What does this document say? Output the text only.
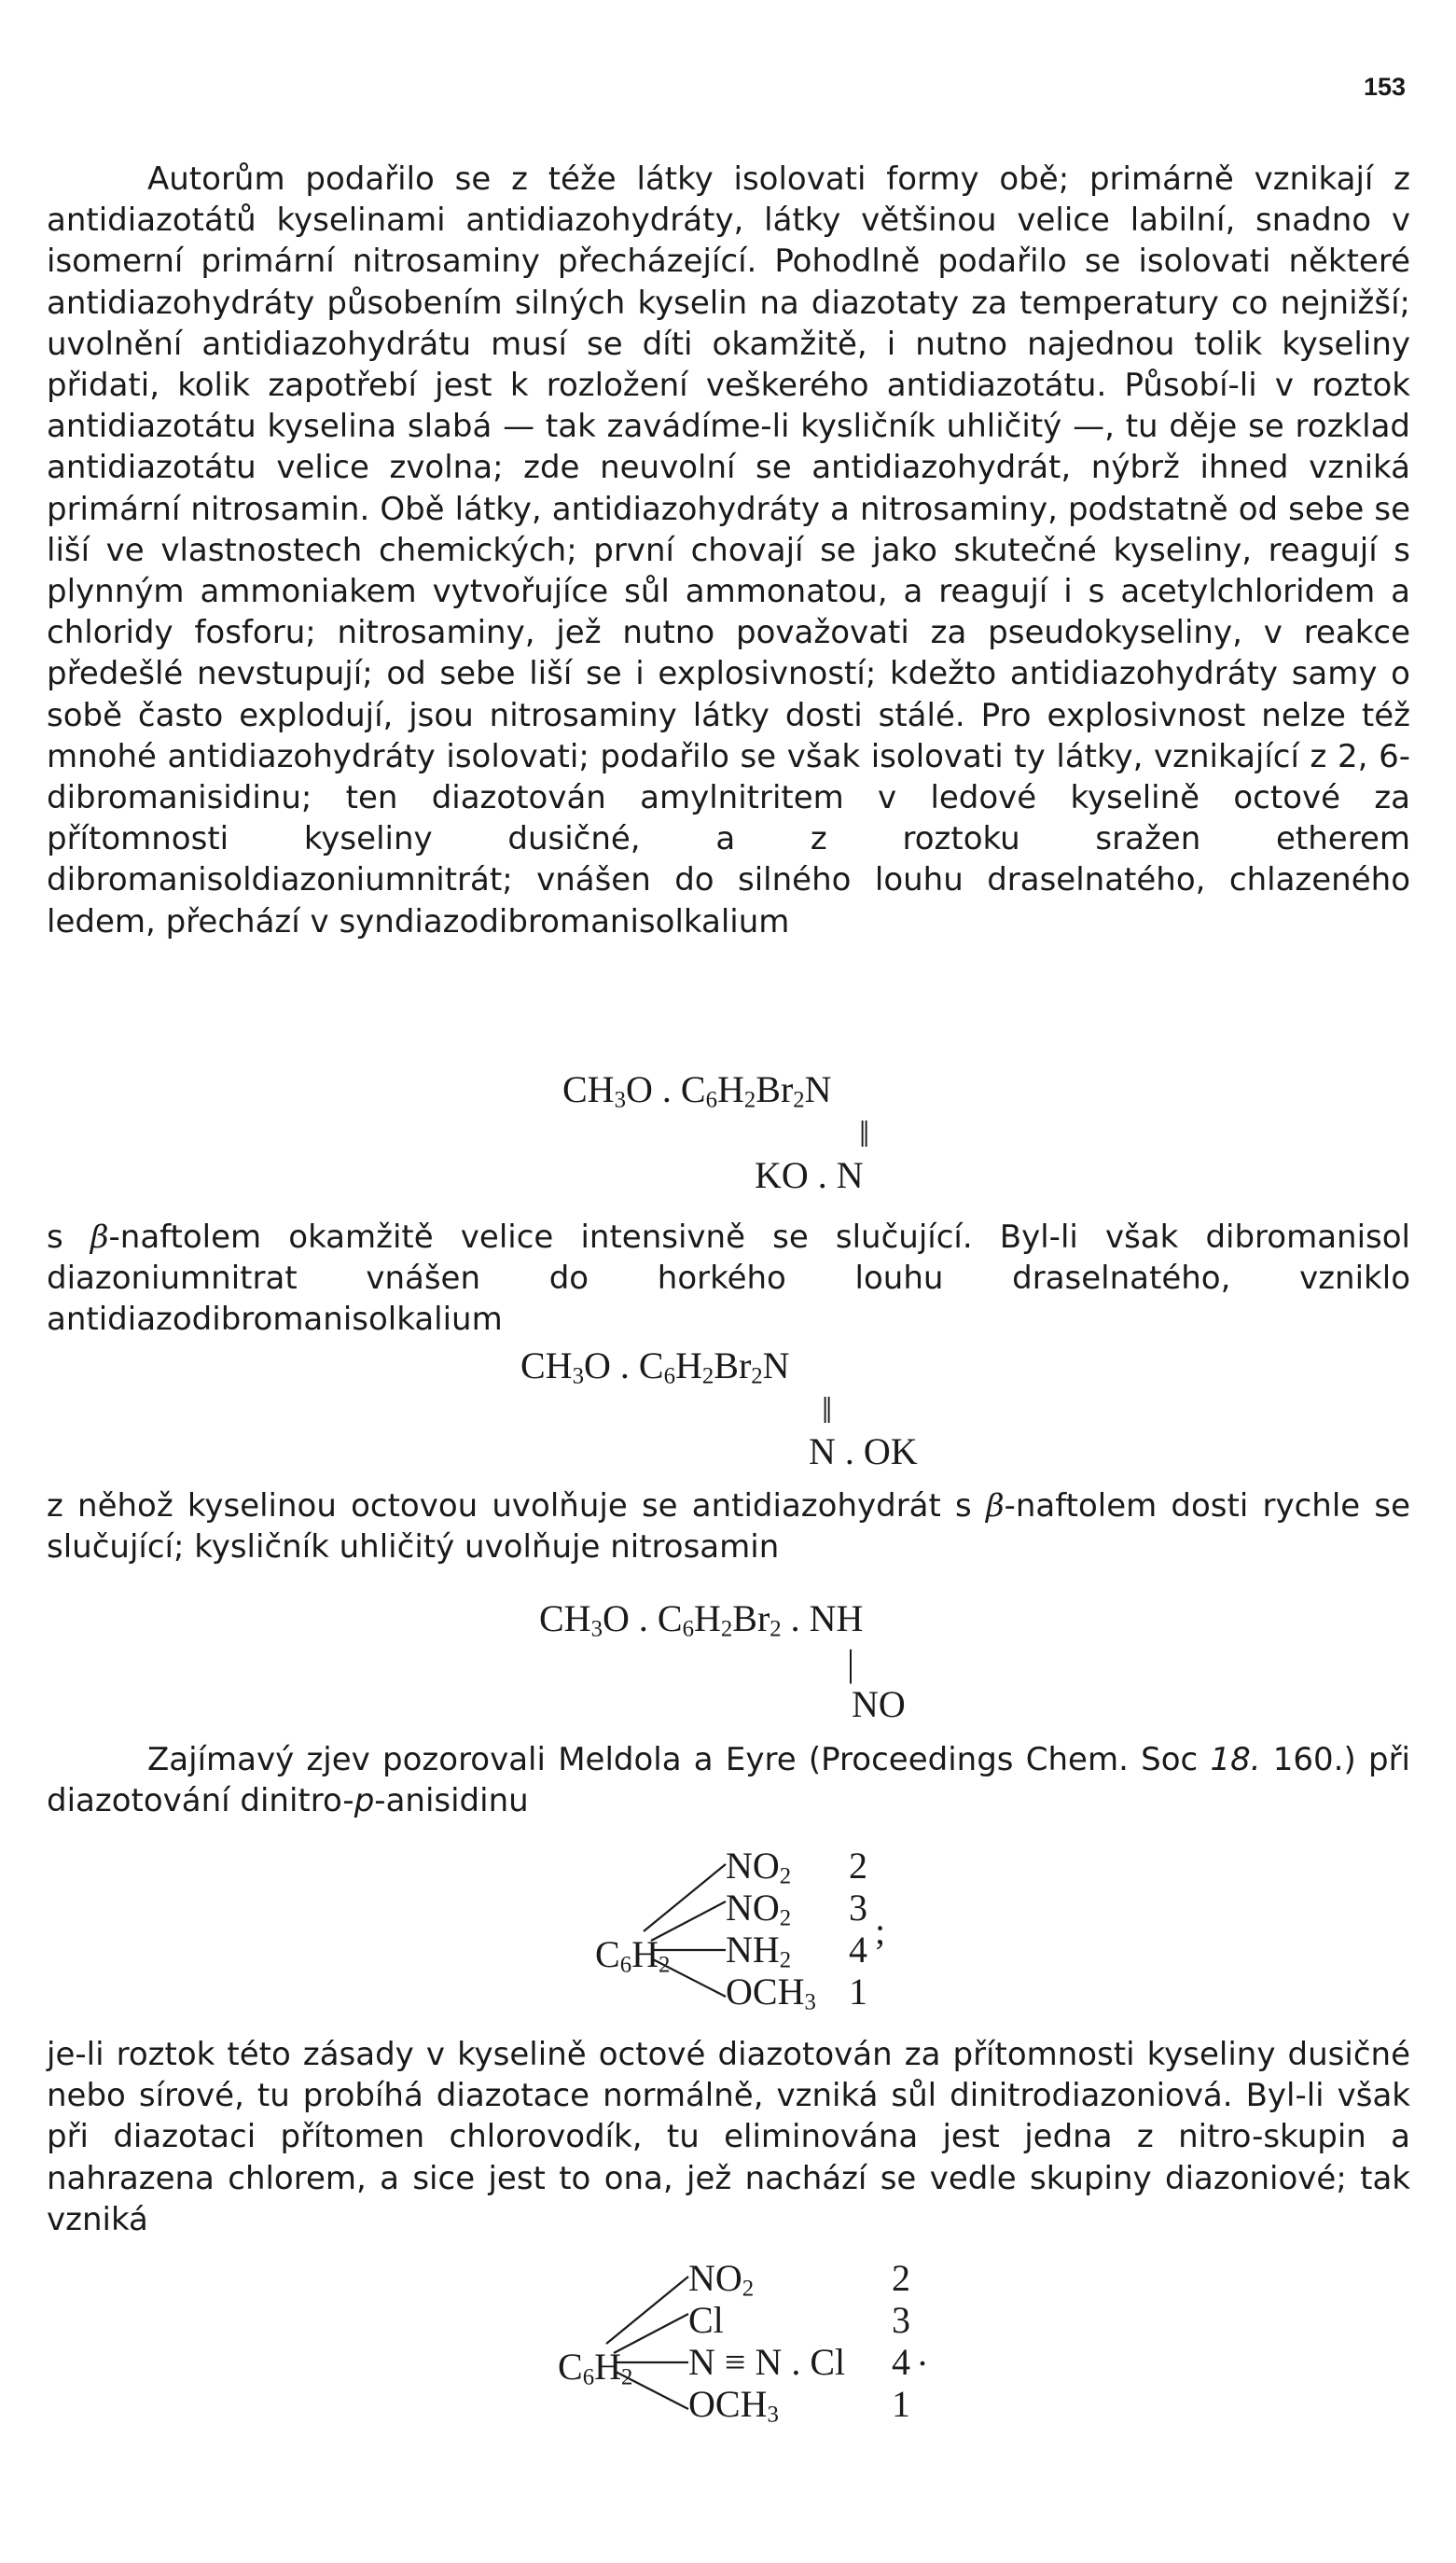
153

Autorům podařilo se z téže látky isolovati formy obě; primárně vznikají z antidiazotátů kyselinami antidiazohydráty, látky většinou velice labilní, snadno v isomerní primární nitrosaminy přecházející. Pohodlně podařilo se isolovati některé antidiazohydráty působením silných kyselin na diazotaty za temperatury co nejnižší; uvolnění antidiazohydrátu musí se díti okamžitě, i nutno najednou tolik kyseliny přidati, kolik zapotřebí jest k rozložení veškerého antidiazotátu. Působí-li v roztok antidiazotátu kyselina slabá — tak zavádíme-li kysličník uhličitý —, tu děje se rozklad antidiazotátu velice zvolna; zde neuvolní se antidiazohydrát, nýbrž ihned vzniká primární nitrosamin. Obě látky, antidiazohydráty a nitrosaminy, podstatně od sebe se liší ve vlastnostech chemických; první chovají se jako skutečné kyseliny, reagují s plynným ammoniakem vytvořujíce sůl ammonatou, a reagují i s acetylchloridem a chloridy fosforu; nitrosaminy, jež nutno považovati za pseudokyseliny, v reakce předešlé nevstupují; od sebe liší se i explosivností; kdežto antidiazohydráty samy o sobě často explodují, jsou nitrosaminy látky dosti stálé. Pro explosivnost nelze též mnohé antidiazohydráty isolovati; podařilo se však isolovati ty látky, vznikající z 2, 6-dibromanisidinu; ten diazotován amylnitritem v ledové kyselině octové za přítomnosti kyseliny dusičné, a z roztoku sražen etherem dibromanisoldiazoniumnitrát; vnášen do silného louhu draselnatého, chlazeného ledem, přechází v syndiazodibromanisolkalium

$CH_3O$ . $C_6H_2Br_2N$
‖
KO . N

s β-naftolem okamžitě velice intensivně se slučující. Byl-li však dibromanisol diazoniumnitrat vnášen do horkého louhu draselnatého, vzniklo antidiazodibromanisolkalium

$CH_3O$ . $C_6H_2Br_2N$
‖
N . OK

z něhož kyselinou octovou uvolňuje se antidiazohydrát s β-naftolem dosti rychle se slučující; kysličník uhličitý uvolňuje nitrosamin

$CH_3O$ . $C_6H_2Br_2$ . NH
|
NO

Zajímavý zjev pozorovali Meldola a Eyre (Proceedings Chem. Soc 18. 160.) při diazotování dinitro-p-anisidinu

$C_6H_2$
$NO_2$
$NO_2$
$NH_2$
$OCH_3$
2
3
4
1
;

je-li roztok této zásady v kyselině octové diazotován za přítomnosti kyseliny dusičné nebo sírové, tu probíhá diazotace normálně, vzniká sůl dinitrodiazoniová. Byl-li však při diazotaci přítomen chlorovodík, tu eliminována jest jedna z nitro-skupin a nahrazena chlorem, a sice jest to ona, jež nachází se vedle skupiny diazoniové; tak vzniká

$C_6H_2$
$NO_2$
Cl
N ≡ N . Cl
$OCH_3$
2
3
4
1
.
